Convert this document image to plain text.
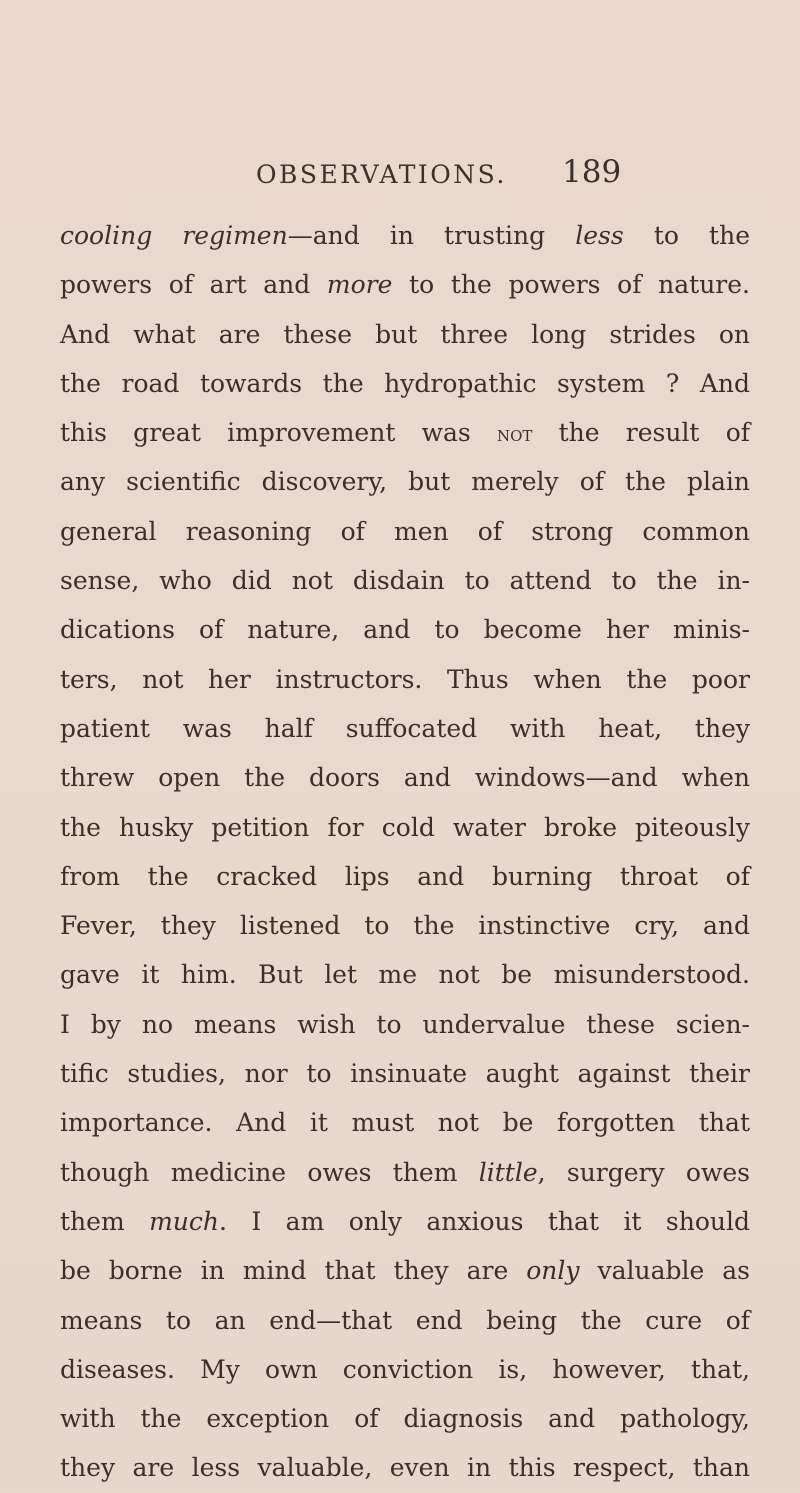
OBSERVATIONS. 189
cooling regimen—and in trusting less to the
powers of art and more to the powers of nature.
And what are these but three long strides on
the road towards the hydropathic system ? And
this great improvement was not the result of
any scientific discovery, but merely of the plain
general reasoning of men of strong common
sense, who did not disdain to attend to the in-
dications of nature, and to become her minis-
ters, not her instructors. Thus when the poor
patient was half suffocated with heat, they
threw open the doors and windows—and when
the husky petition for cold water broke piteously
from the cracked lips and burning throat of
Fever, they listened to the instinctive cry, and
gave it him. But let me not be misunderstood.
I by no means wish to undervalue these scien-
tific studies, nor to insinuate aught against their
importance. And it must not be forgotten that
though medicine owes them little, surgery owes
them much. I am only anxious that it should
be borne in mind that they are only valuable as
means to an end—that end being the cure of
diseases. My own conviction is, however, that,
with the exception of diagnosis and pathology,
they are less valuable, even in this respect, than
